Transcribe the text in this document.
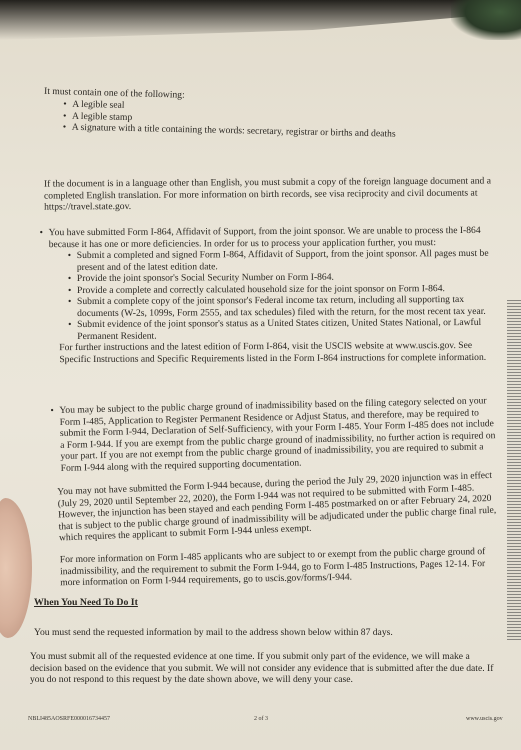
It must contain one of the following:

• A legible seal
• A legible stamp
• A signature with a title containing the words: secretary, registrar or births and deaths

If the document is in a language other than English, you must submit a copy of the foreign language document and a completed English translation. For more information on birth records, see visa reciprocity and civil documents at https://travel.state.gov.

• You have submitted Form I-864, Affidavit of Support, from the joint sponsor. We are unable to process the I-864 because it has one or more deficiencies. In order for us to process your application further, you must:
• Submit a completed and signed Form I-864, Affidavit of Support, from the joint sponsor. All pages must be present and of the latest edition date.
• Provide the joint sponsor's Social Security Number on Form I-864.
• Provide a complete and correctly calculated household size for the joint sponsor on Form I-864.
• Submit a complete copy of the joint sponsor's Federal income tax return, including all supporting tax documents (W-2s, 1099s, Form 2555, and tax schedules) filed with the return, for the most recent tax year.
• Submit evidence of the joint sponsor's status as a United States citizen, United States National, or Lawful Permanent Resident.

For further instructions and the latest edition of Form I-864, visit the USCIS website at www.uscis.gov. See Specific Instructions and Specific Requirements listed in the Form I-864 instructions for complete information.

• You may be subject to the public charge ground of inadmissibility based on the filing category selected on your Form I-485, Application to Register Permanent Residence or Adjust Status, and therefore, may be required to submit the Form I-944, Declaration of Self-Sufficiency, with your Form I-485. Your Form I-485 does not include a Form I-944. If you are exempt from the public charge ground of inadmissibility, no further action is required on your part. If you are not exempt from the public charge ground of inadmissibility, you are required to submit a Form I-944 along with the required supporting documentation.

You may not have submitted the Form I-944 because, during the period the July 29, 2020 injunction was in effect (July 29, 2020 until September 22, 2020), the Form I-944 was not required to be submitted with Form I-485. However, the injunction has been stayed and each pending Form I-485 postmarked on or after February 24, 2020 that is subject to the public charge ground of inadmissibility will be adjudicated under the public charge final rule, which requires the applicant to submit Form I-944 unless exempt.

For more information on Form I-485 applicants who are subject to or exempt from the public charge ground of inadmissibility, and the requirement to submit the Form I-944, go to Form I-485 Instructions, Pages 12-14. For more information on Form I-944 requirements, go to uscis.gov/forms/I-944.

When You Need To Do It

You must send the requested information by mail to the address shown below within 87 days.

You must submit all of the requested evidence at one time. If you submit only part of the evidence, we will make a decision based on the evidence that you submit. We will not consider any evidence that is submitted after the due date. If you do not respond to this request by the date shown above, we will deny your case.

NBLI485AOSRFE000016734457	2 of 3	www.uscis.gov
